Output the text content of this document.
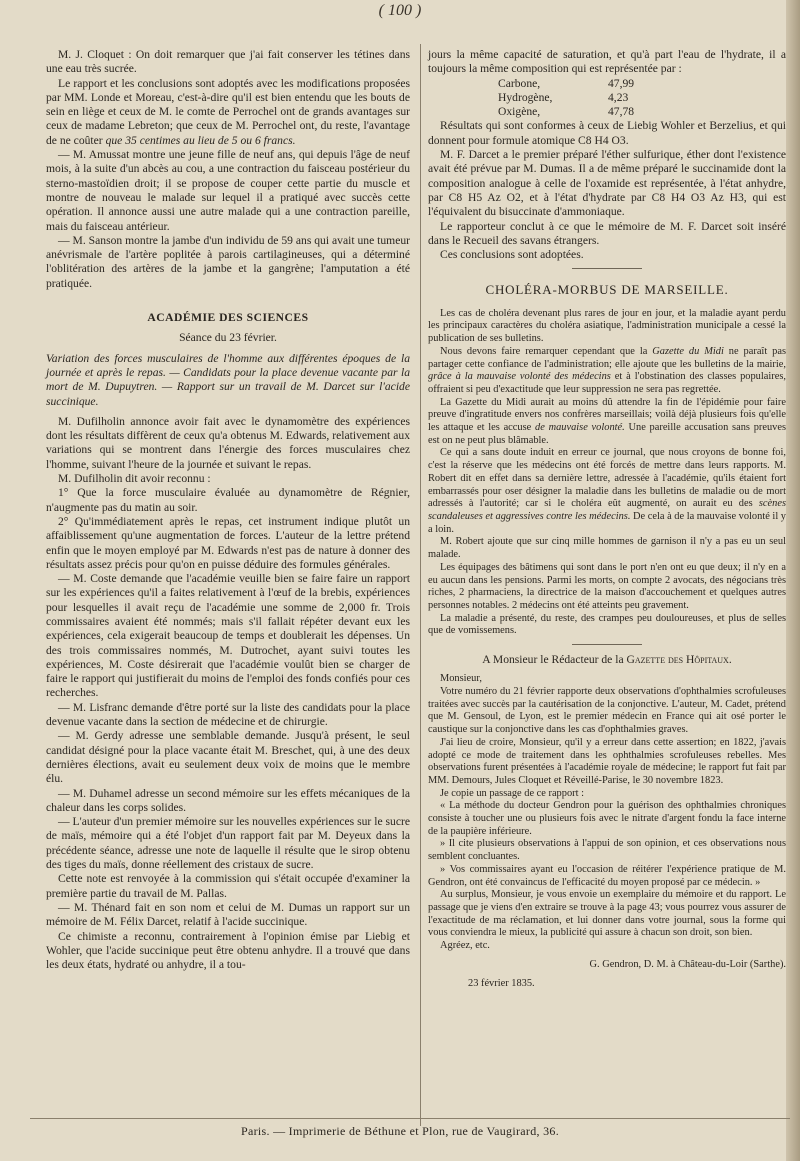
( 100 )

M. J. Cloquet : On doit remarquer que j'ai fait conserver les tétines dans une eau très sucrée.

Le rapport et les conclusions sont adoptés avec les modifications proposées par MM. Londe et Moreau, c'est-à-dire qu'il est bien entendu que les bouts de sein en liège et ceux de M. le comte de Perrochel ont de grands avantages sur ceux de madame Lebreton; que ceux de M. Perrochel ont, du reste, l'avantage de ne coûter que 35 centimes au lieu de 5 ou 6 francs.

— M. Amussat montre une jeune fille de neuf ans, qui depuis l'âge de neuf mois, à la suite d'un abcès au cou, a une contraction du faisceau postérieur du sterno-mastoïdien droit; il se propose de couper cette partie du muscle et montre de nouveau le malade sur lequel il a pratiqué avec succès cette opération. Il annonce aussi une autre malade qui a une contraction pareille, mais du faisceau antérieur.

— M. Sanson montre la jambe d'un individu de 59 ans qui avait une tumeur anévrismale de l'artère poplitée à parois cartilagineuses, qui a déterminé l'oblitération des artères de la jambe et la gangrène; l'amputation a été pratiquée.

ACADÉMIE DES SCIENCES
Séance du 23 février.

Variation des forces musculaires de l'homme aux différentes époques de la journée et après le repas. — Candidats pour la place devenue vacante par la mort de M. Dupuytren. — Rapport sur un travail de M. Darcet sur l'acide succinique.

M. Dufilholin annonce avoir fait avec le dynamomètre des expériences dont les résultats diffèrent de ceux qu'a obtenus M. Edwards, relativement aux variations qui se montrent dans l'énergie des forces musculaires chez l'homme, suivant l'heure de la journée et suivant le repas.

M. Dufilholin dit avoir reconnu :

1° Que la force musculaire évaluée au dynamomètre de Régnier, n'augmente pas du matin au soir.

2° Qu'immédiatement après le repas, cet instrument indique plutôt un affaiblissement qu'une augmentation de forces. L'auteur de la lettre prétend enfin que le moyen employé par M. Edwards n'est pas de nature à donner des résultats assez précis pour qu'on en puisse déduire des formules générales.

— M. Coste demande que l'académie veuille bien se faire faire un rapport sur les expériences qu'il a faites relativement à l'œuf de la brebis, expériences pour lesquelles il avait reçu de l'académie une somme de 2,000 fr. Trois commissaires avaient été nommés; mais s'il fallait répéter devant eux les expériences, cela exigerait beaucoup de temps et doublerait les dépenses. Un des trois commissaires nommés, M. Dutrochet, ayant suivi toutes les expériences, M. Coste désirerait que l'académie voulût bien se charger de faire le rapport qui justifierait du moins de l'emploi des fonds confiés pour ces recherches.

— M. Lisfranc demande d'être porté sur la liste des candidats pour la place devenue vacante dans la section de médecine et de chirurgie.

— M. Gerdy adresse une semblable demande. Jusqu'à présent, le seul candidat désigné pour la place vacante était M. Breschet, qui, à une des deux dernières élections, avait eu seulement deux voix de moins que le membre élu.

— M. Duhamel adresse un second mémoire sur les effets mécaniques de la chaleur dans les corps solides.

— L'auteur d'un premier mémoire sur les nouvelles expériences sur le sucre de maïs, mémoire qui a été l'objet d'un rapport fait par M. Deyeux dans la précédente séance, adresse une note de laquelle il résulte que le sirop obtenu des tiges du maïs, donne réellement des cristaux de sucre.

Cette note est renvoyée à la commission qui s'était occupée d'examiner la première partie du travail de M. Pallas.

— M. Thénard fait en son nom et celui de M. Dumas un rapport sur un mémoire de M. Félix Darcet, relatif à l'acide succinique.

Ce chimiste a reconnu, contrairement à l'opinion émise par Liebig et Wohler, que l'acide succinique peut être obtenu anhydre. Il a trouvé que dans les deux états, hydraté ou anhydre, il a tou-

jours la même capacité de saturation, et qu'à part l'eau de l'hydrate, il a toujours la même composition qui est représentée par :

Carbone,	47,99
Hydrogène,	4,23
Oxigène,	47,78

Résultats qui sont conformes à ceux de Liebig Wohler et Berzelius, et qui donnent pour formule atomique C8 H4 O3.

M. F. Darcet a le premier préparé l'éther sulfurique, éther dont l'existence avait été prévue par M. Dumas. Il a de même préparé le succinamide dont la composition analogue à celle de l'oxamide est représentée, à l'état anhydre, par C8 H5 Az O2, et à l'état d'hydrate par C8 H4 O3 Az H3, qui est l'équivalent du bisuccinate d'ammoniaque.

Le rapporteur conclut à ce que le mémoire de M. F. Darcet soit inséré dans le Recueil des savans étrangers.

Ces conclusions sont adoptées.

CHOLÉRA-MORBUS DE MARSEILLE.

Les cas de choléra devenant plus rares de jour en jour, et la maladie ayant perdu les principaux caractères du choléra asiatique, l'administration municipale a cessé la publication de ses bulletins.

Nous devons faire remarquer cependant que la Gazette du Midi ne paraît pas partager cette confiance de l'administration; elle ajoute que les bulletins de la mairie, grâce à la mauvaise volonté des médecins et à l'obstination des classes populaires, offraient si peu d'exactitude que leur suppression ne sera pas regrettée.

La Gazette du Midi aurait au moins dû attendre la fin de l'épidémie pour faire preuve d'ingratitude envers nos confrères marseillais; voilà déjà plusieurs fois qu'elle les attaque et les accuse de mauvaise volonté. Une pareille accusation sans preuves est on ne peut plus blâmable.

Ce qui a sans doute induit en erreur ce journal, que nous croyons de bonne foi, c'est la réserve que les médecins ont été forcés de mettre dans leurs rapports. M. Robert dit en effet dans sa dernière lettre, adressée à l'académie, qu'ils étaient fort embarrassés pour oser désigner la maladie dans les bulletins de maladie ou de mort adressés à l'autorité; car si le choléra eût augmenté, on aurait eu des scènes scandaleuses et aggressives contre les médecins. De cela à de la mauvaise volonté il y a loin.

M. Robert ajoute que sur cinq mille hommes de garnison il n'y a pas eu un seul malade.

Les équipages des bâtimens qui sont dans le port n'en ont eu que deux; il n'y en a eu aucun dans les pensions. Parmi les morts, on compte 2 avocats, des négocians très riches, 2 pharmaciens, la directrice de la maison d'accouchement et quelques autres personnes notables. 2 médecins ont été atteints peu gravement.

La maladie a présenté, du reste, des crampes peu douloureuses, et plus de selles que de vomissemens.

A Monsieur le Rédacteur de la Gazette des Hôpitaux.

Monsieur,

Votre numéro du 21 février rapporte deux observations d'ophthalmies scrofuleuses traitées avec succès par la cautérisation de la conjonctive. L'auteur, M. Cadet, prétend que M. Gensoul, de Lyon, est le premier médecin en France qui ait osé porter le caustique sur la conjonctive dans les cas d'ophthalmies graves.

J'ai lieu de croire, Monsieur, qu'il y a erreur dans cette assertion; en 1822, j'avais adopté ce mode de traitement dans les ophthalmies scrofuleuses rebelles. Mes observations furent présentées à l'académie royale de médecine; le rapport fut fait par MM. Demours, Jules Cloquet et Réveillé-Parise, le 30 novembre 1823.

Je copie un passage de ce rapport :

« La méthode du docteur Gendron pour la guérison des ophthalmies chroniques consiste à toucher une ou plusieurs fois avec le nitrate d'argent fondu la face interne de la paupière inférieure.

» Il cite plusieurs observations à l'appui de son opinion, et ces observations nous semblent concluantes.

» Vos commissaires ayant eu l'occasion de réitérer l'expérience pratique de M. Gendron, ont été convaincus de l'efficacité du moyen proposé par ce médecin. »

Au surplus, Monsieur, je vous envoie un exemplaire du mémoire et du rapport. Le passage que je viens d'en extraire se trouve à la page 43; vous pourrez vous assurer de l'exactitude de ma réclamation, et lui donner dans votre journal, sous la forme qui vous conviendra le mieux, la publicité qui assure à chacun son droit, son bien.

Agréez, etc.

G. Gendron, D. M. à Château-du-Loir (Sarthe).
23 février 1835.
Paris. — Imprimerie de Béthune et Plon, rue de Vaugirard, 36.
